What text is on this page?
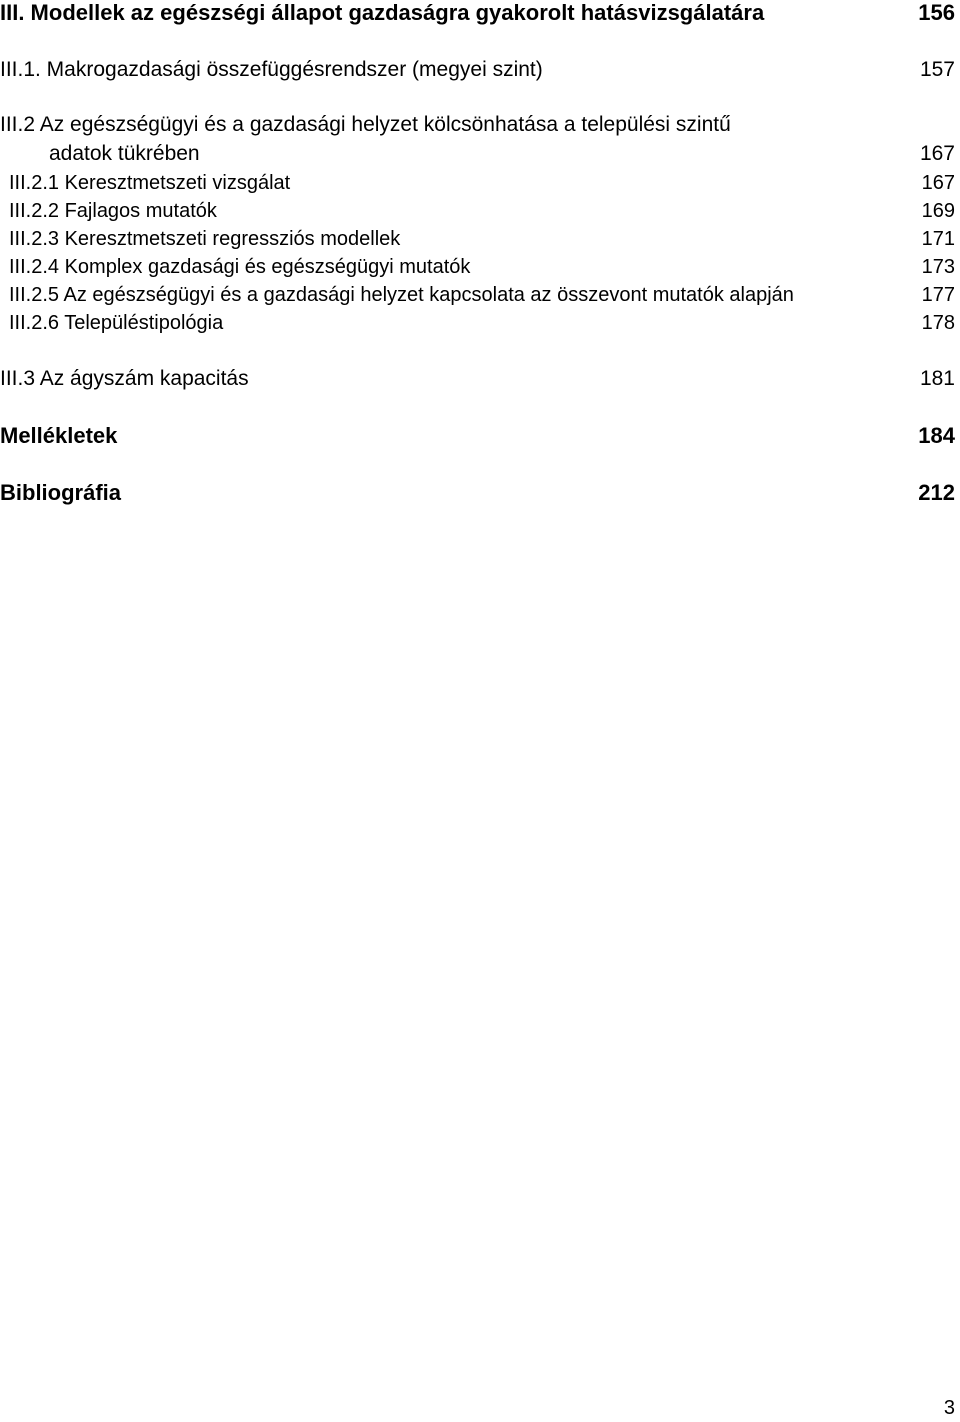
III. Modellek az egészségi állapot gazdaságra gyakorolt hatásvizsgálatára	156
III.1. Makrogazdasági összefüggésrendszer (megyei szint)	157
III.2 Az egészségügyi és a gazdasági helyzet kölcsönhatása a települési szintű
adatok tükrében	167
III.2.1 Keresztmetszeti vizsgálat	167
III.2.2 Fajlagos mutatók	169
III.2.3 Keresztmetszeti regressziós modellek	171
III.2.4 Komplex gazdasági és egészségügyi mutatók	173
III.2.5 Az egészségügyi és a gazdasági helyzet kapcsolata az összevont mutatók alapján	177
III.2.6 Településtipológia	178
III.3 Az ágyszám kapacitás	181
Mellékletek	184
Bibliográfia	212
3
